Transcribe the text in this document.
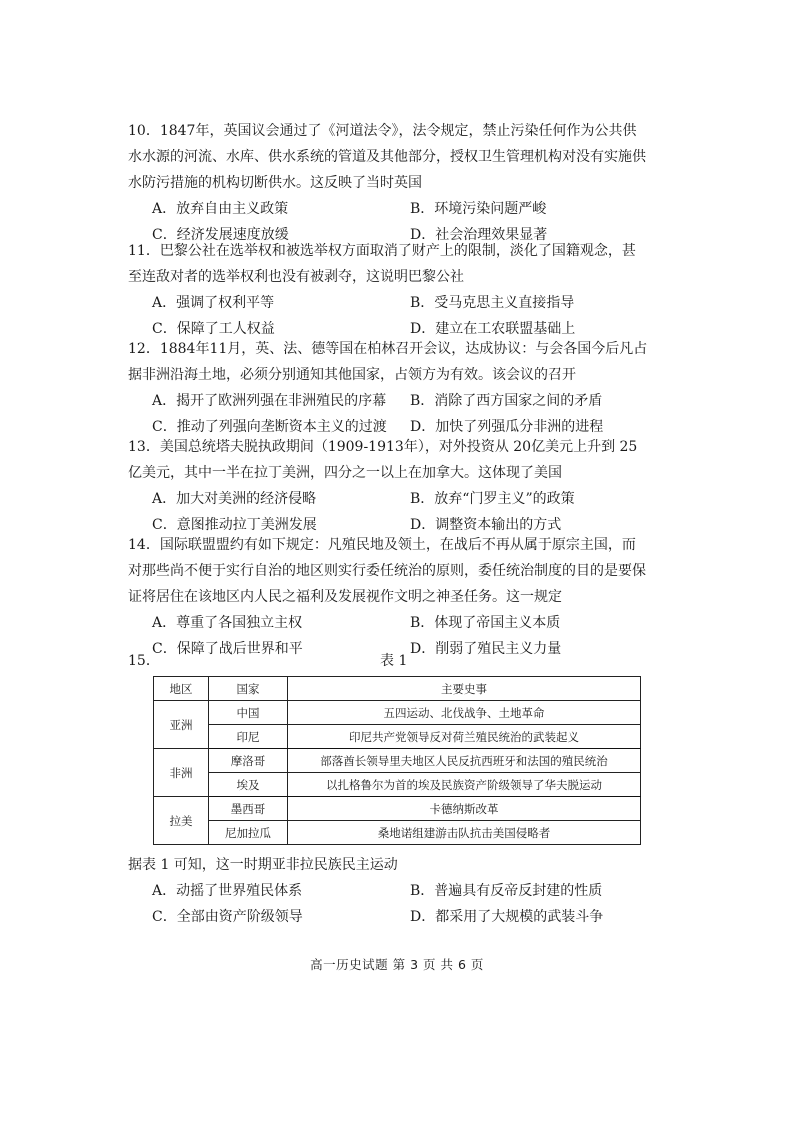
10．1847年，英国议会通过了《河道法令》，法令规定，禁止污染任何作为公共供水水源的河流、水库、供水系统的管道及其他部分，授权卫生管理机构对没有实施供水防污措施的机构切断供水。这反映了当时英国
A．放弃自由主义政策	B．环境污染问题严峻
C．经济发展速度放缓	D．社会治理效果显著
11．巴黎公社在选举权和被选举权方面取消了财产上的限制，淡化了国籍观念，甚至连敌对者的选举权利也没有被剥夺，这说明巴黎公社
A．强调了权利平等	B．受马克思主义直接指导
C．保障了工人权益	D．建立在工农联盟基础上
12．1884年11月，英、法、德等国在柏林召开会议，达成协议：与会各国今后凡占据非洲沿海土地，必须分别通知其他国家，占领方为有效。该会议的召开
A．揭开了欧洲列强在非洲殖民的序幕	B．消除了西方国家之间的矛盾
C．推动了列强向垄断资本主义的过渡	D．加快了列强瓜分非洲的进程
13．美国总统塔夫脱执政期间（1909-1913年），对外投资从 20亿美元上升到 25亿美元，其中一半在拉丁美洲，四分之一以上在加拿大。这体现了美国
A．加大对美洲的经济侵略	B．放弃“门罗主义”的政策
C．意图推动拉丁美洲发展	D．调整资本输出的方式
14．国际联盟盟约有如下规定：凡殖民地及领土，在战后不再从属于原宗主国，而对那些尚不便于实行自治的地区则实行委任统治的原则，委任统治制度的目的是要保证将居住在该地区内人民之福利及发展视作文明之神圣任务。这一规定
A．尊重了各国独立主权	B．体现了帝国主义本质
C．保障了战后世界和平	D．削弱了殖民主义力量
15．	表 1
地区	国家	主要史事
亚洲	中国	五四运动、北伐战争、土地革命
	印尼	印尼共产党领导反对荷兰殖民统治的武装起义
非洲	摩洛哥	部落酋长领导里夫地区人民反抗西班牙和法国的殖民统治
	埃及	以扎格鲁尔为首的埃及民族资产阶级领导了华夫脱运动
拉美	墨西哥	卡德纳斯改革
	尼加拉瓜	桑地诺组建游击队抗击美国侵略者
据表 1 可知，这一时期亚非拉民族民主运动
A．动摇了世界殖民体系	B．普遍具有反帝反封建的性质
C．全部由资产阶级领导	D．都采用了大规模的武装斗争
高一历史试题 第 3 页 共 6 页
